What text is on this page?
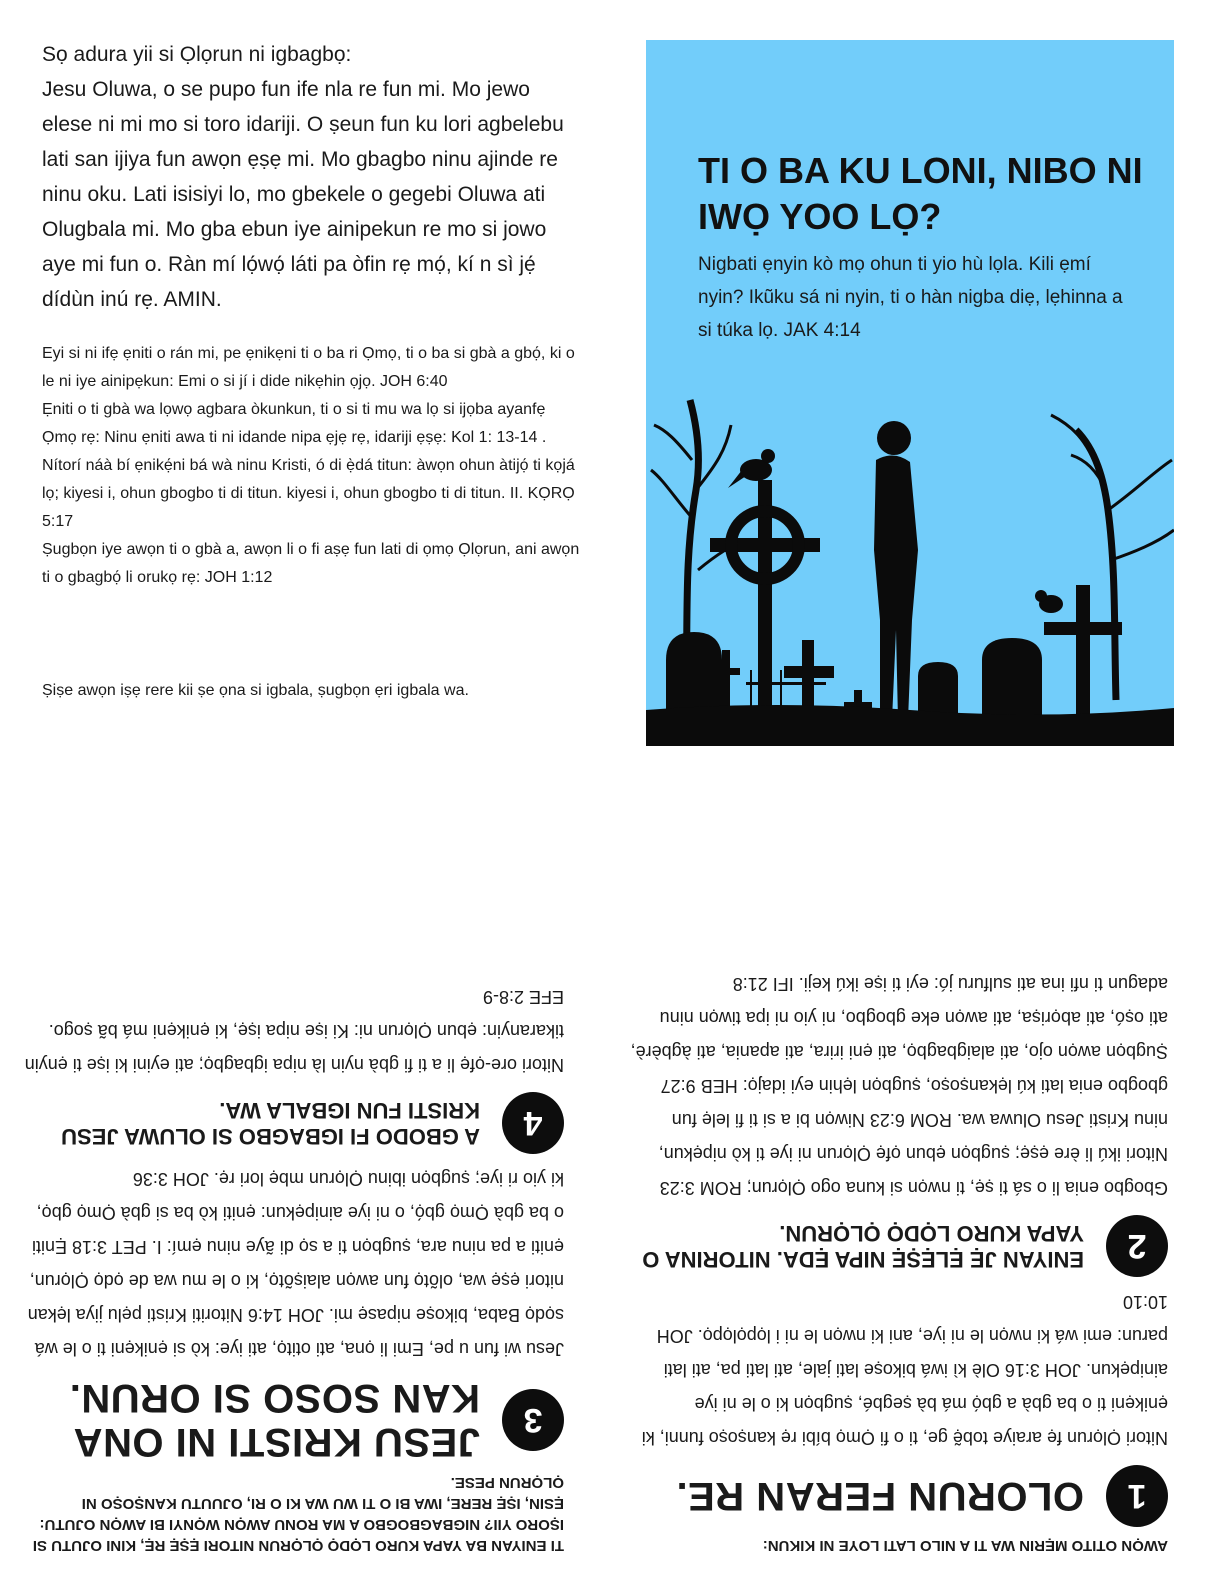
Sọ adura yii si Ọlọrun ni igbagbọ:

Jesu Oluwa, o se pupo fun ife nla re fun mi. Mo jewo elese ni mi mo si toro idariji. O ṣeun fun ku lori agbelebu lati san ijiya fun awọn ẹṣẹ mi. Mo gbagbo ninu ajinde re ninu oku. Lati isisiyi lo, mo gbekele o gegebi Oluwa ati Olugbala mi. Mo gba ebun iye ainipekun re mo si jowo aye mi fun o. Ràn mí lọ́wọ́ láti pa òfin rẹ mọ́, kí n sì jẹ́ dídùn inú rẹ. AMIN.

Eyi si ni ifẹ ẹniti o rán mi, pe ẹnikẹni ti o ba ri Ọmọ, ti o ba si gbà a gbọ́, ki o le ni iye ainipẹkun: Emi o si jí i dide nikẹhin ọjọ. JOH 6:40

Ẹniti o ti gbà wa lọwọ agbara òkunkun, ti o si ti mu wa lọ si ijọba ayanfẹ Ọmọ rẹ: Ninu ẹniti awa ti ni idande nipa ẹjẹ rẹ, idariji ẹṣẹ: Kol 1: 13-14 .

Nítorí náà bí ẹnikẹ́ni bá wà ninu Kristi, ó di ẹ̀dá titun: àwọn ohun àtijọ́ ti kọjá lọ; kiyesi i, ohun gbogbo ti di titun. kiyesi i, ohun gbogbo ti di titun. II. KỌRỌ 5:17

Ṣugbọn iye awọn ti o gbà a, awọn li o fi aṣẹ fun lati di ọmọ Ọlọrun, ani awọn ti o gbagbọ́ li orukọ rẹ: JOH 1:12

Ṣiṣe awọn iṣẹ rere kii ṣe ọna si igbala, ṣugbọn ẹri igbala wa.

TI O BA KU LONI, NIBO NI IWỌ YOO LỌ?

Nigbati ẹnyin kò mọ ohun ti yio hù lọla. Kili ẹmí nyin? Ikũku sá ni nyin, ti o hàn nigba diẹ, lẹhinna a si túka lọ. JAK 4:14

AWỌN OTITO MẸRIN WA TI A NILO LATI LOYE NI KIKUN:

1

OLORUN FERAN RE.

Nitori Ọlọrun fẹ araiye tobẹ̃ ge, ti o fi Ọmọ bíbi rẹ kanṣoṣo funni, ki ẹnikẹni ti o ba gbà a gbọ́ má bà ṣegbé, ṣugbọn ki o le ni iye ainipẹkun. JOH 3:16 Olè kì iwá bikoṣe lati jale, ati lati pa, ati lati parun: emi wá ki nwọn le ni iye, ani ki nwọn le ni i lọpọlọpọ. JOH 10:10

2

ENIYAN JẸ ẸLẸṢẸ NIPA ẸDA. NITORINA O YAPA KURO LỌDỌ ỌLỌRUN.

Gbogbo enia li o sá ti ṣẹ, ti nwọn si kuna ogo Ọlọrun; ROM 3:23 Nitori ikú li ère ẹṣẹ; ṣugbọn ẹbun ọfẹ Ọlọrun ni iye ti kò nipẹkun, ninu Kristi Jesu Oluwa wa. ROM 6:23 Niwọn bi a si ti fi lelẹ fun gbogbo enia lati kú lẹkanṣoṣo, ṣugbọn lẹhin eyi idajọ: HEB 9:27 Ṣugbọn awọn ojo, ati alaigbagbọ, ati ẹni irira, ati apania, ati àgbèrè, ati oṣó, ati abọriṣa, ati awọn eke gbogbo, ni yio ni ipa tiwọn ninu adagun ti nfi ina ati sulfuru jó: eyi ti iṣe ikú keji. IFI 21:8

TI ENIYAN BA YAPA KURO LỌDỌ ỌLỌRUN NITORI ẸṢẸ RẸ, KINI OJUTU SI IṢORO YII? NIGBAGBOGBO A MA RONU AWỌN WỌNYI BI AWỌN OJUTU: ẸSIN, IṢẸ RERE, IWA BI O TI WU WA KI O RI, OJUUTU KANṢOṢO NI ỌLỌRUN PESE.

3

JESU KRISTI NI ONA KAN SOSO SI ORUN.

Jesu wi fun u pe, Emi li ọna, ati otitọ, ati iye: kò si ẹnikẹni ti o le wá sọdọ Baba, bikoṣe nipasẹ mi. JOH 14:6 Nitoriti Kristi pẹlu jiya lẹkan nitori ẹṣẹ wa, olõtọ fun awọn alaiṣõtọ, ki o le mu wa de ọdọ Ọlọrun, ẹniti a pa ninu ara, ṣugbọn ti a sọ di ãye ninu ẹmí: I. PET 3:18 Ẹniti o ba gbà Ọmọ gbọ́, o ni iye ainipẹkun: ẹniti kò ba si gbà Ọmọ gbọ, ki yio ri iye; ṣugbọn ibinu Ọlọrun mbẹ lori rẹ. JOH 3:36

4

A GBODO FI IGBAGBO SI OLUWA JESU KRISTI FUN IGBALA WA.

Nitori ore-ọfẹ li a ti fi gbà nyin là nipa igbagbọ; ati eyini ki iṣe ti ẹnyin tikaranyin: ẹbun Ọlọrun ni: Ki iṣe nipa iṣẹ, ki ẹnikẹni má bã ṣogo. EFE 2:8-9
